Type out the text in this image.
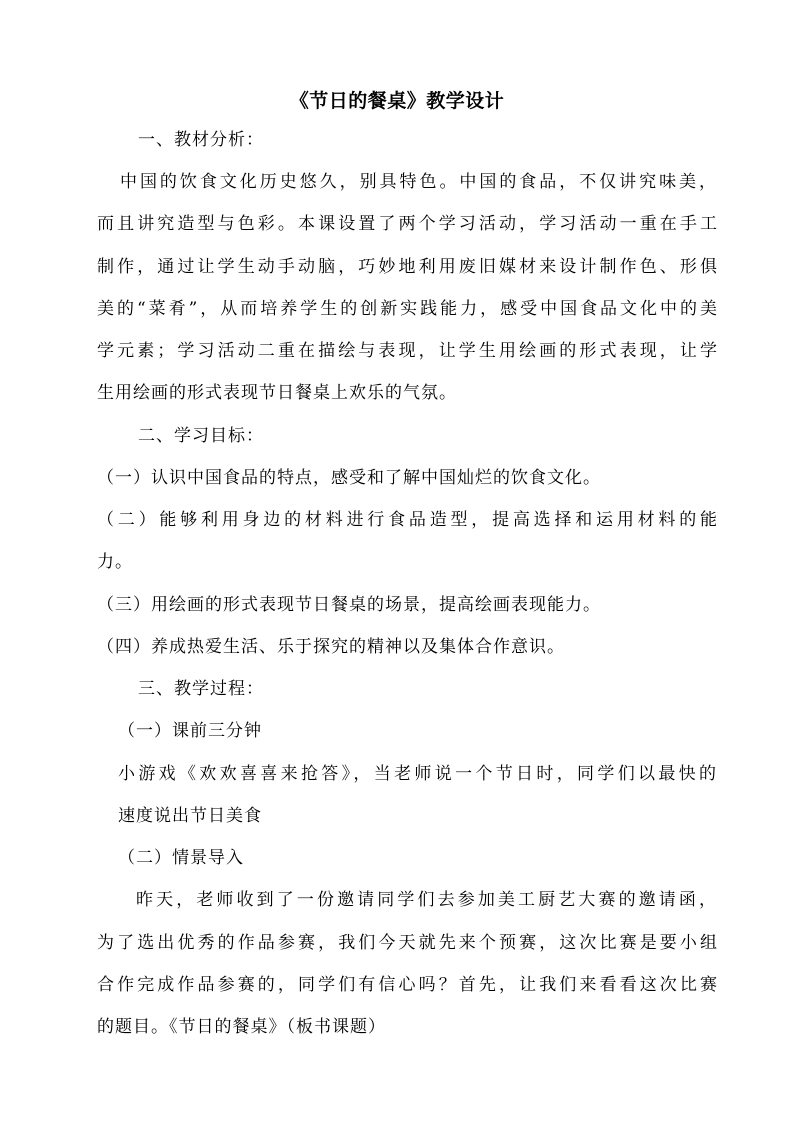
《节日的餐桌》教学设计
一、教材分析：
中国的饮食文化历史悠久，别具特色。中国的食品，不仅讲究味美，
而且讲究造型与色彩。本课设置了两个学习活动，学习活动一重在手工
制作，通过让学生动手动脑，巧妙地利用废旧媒材来设计制作色、形俱
美的“菜肴”，从而培养学生的创新实践能力，感受中国食品文化中的美
学元素；学习活动二重在描绘与表现，让学生用绘画的形式表现，让学
生用绘画的形式表现节日餐桌上欢乐的气氛。
二、学习目标：
（一）认识中国食品的特点，感受和了解中国灿烂的饮食文化。
（二）能够利用身边的材料进行食品造型，提高选择和运用材料的能
力。
（三）用绘画的形式表现节日餐桌的场景，提高绘画表现能力。
（四）养成热爱生活、乐于探究的精神以及集体合作意识。
三、教学过程：
（一）课前三分钟
小游戏《欢欢喜喜来抢答》，当老师说一个节日时，同学们以最快的
速度说出节日美食
（二）情景导入
昨天，老师收到了一份邀请同学们去参加美工厨艺大赛的邀请函，
为了选出优秀的作品参赛，我们今天就先来个预赛，这次比赛是要小组
合作完成作品参赛的，同学们有信心吗？首先，让我们来看看这次比赛
的题目。《节日的餐桌》（板书课题）
